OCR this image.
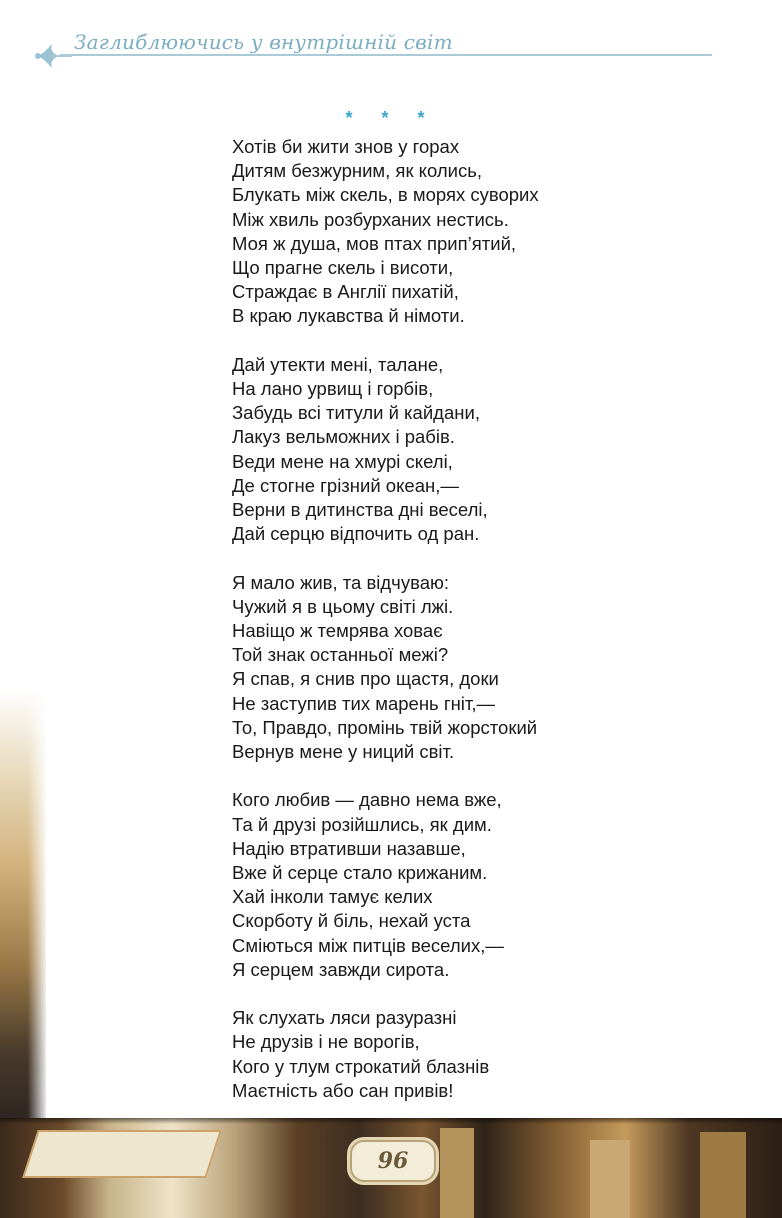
Заглиблюючись у внутрішній світ
* * *
Хотів би жити знов у горах
Дитям безжурним, як колись,
Блукать між скель, в морях суворих
Між хвиль розбурханих нестись.
Моя ж душа, мов птах прип’ятий,
Що прагне скель і висоти,
Страждає в Англії пихатій,
В краю лукавства й німоти.
Дай утекти мені, талане,
На лано урвищ і горбів,
Забудь всі титули й кайдани,
Лакуз вельможних і рабів.
Веди мене на хмурі скелі,
Де стогне грізний океан,—
Верни в дитинства дні веселі,
Дай серцю відпочить од ран.
Я мало жив, та відчуваю:
Чужий я в цьому світі лжі.
Навіщо ж темрява ховає
Той знак останньої межі?
Я спав, я снив про щастя, доки
Не заступив тих марень гніт,—
То, Правдо, промінь твій жорстокий
Вернув мене у ниций світ.
Кого любив — давно нема вже,
Та й друзі розійшлись, як дим.
Надію втративши назавше,
Вже й серце стало крижаним.
Хай інколи тамує келих
Скорботу й біль, нехай уста
Сміються між питців веселих,—
Я серцем завжди сирота.
Як слухать ляси разуразні
Не друзів і не ворогів,
Кого у тлум строкатий блазнів
Маєтність або сан привів!
96
